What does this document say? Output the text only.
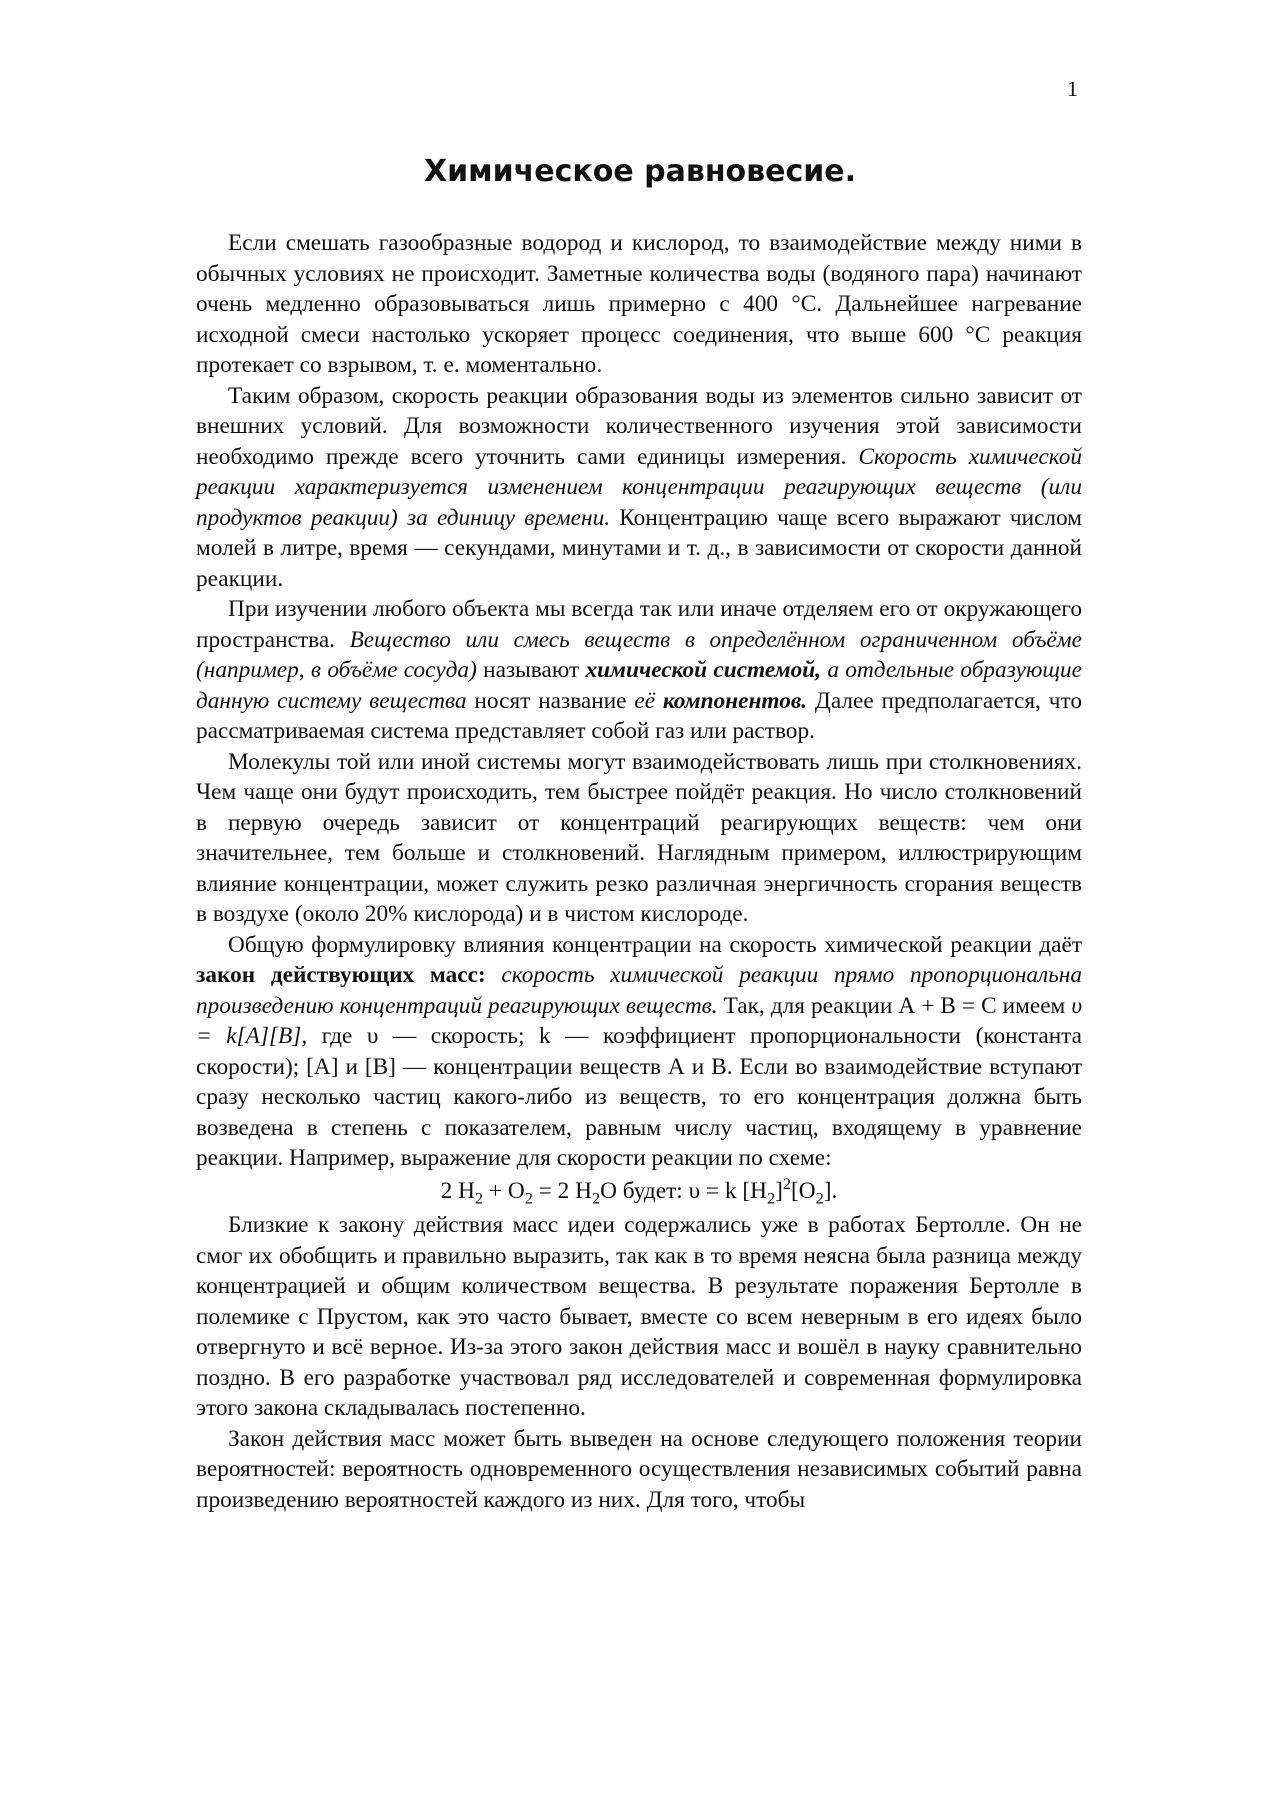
1
Химическое равновесие.

Если смешать газообразные водород и кислород, то взаимодействие между ними в обычных условиях не происходит. Заметные количества воды (водяного пара) начинают очень медленно образовываться лишь примерно с 400 °С. Дальнейшее нагревание исходной смеси настолько ускоряет процесс соединения, что выше 600 °С реакция протекает со взрывом, т. е. моментально.

Таким образом, скорость реакции образования воды из элементов сильно зависит от внешних условий. Для возможности количественного изучения этой зависимости необходимо прежде всего уточнить сами единицы измерения. Скорость химической реакции характеризуется изменением концентрации реагирующих веществ (или продуктов реакции) за единицу времени. Концентрацию чаще всего выражают числом молей в литре, время — секундами, минутами и т. д., в зависимости от скорости данной реакции.

При изучении любого объекта мы всегда так или иначе отделяем его от окружающего пространства. Вещество или смесь веществ в определённом ограниченном объёме (например, в объёме сосуда) называют химической системой, а отдельные образующие данную систему вещества носят название её компонентов. Далее предполагается, что рассматриваемая система представляет собой газ или раствор.

Молекулы той или иной системы могут взаимодействовать лишь при столкновениях. Чем чаще они будут происходить, тем быстрее пойдёт реакция. Но число столкновений в первую очередь зависит от концентраций реагирующих веществ: чем они значительнее, тем больше и столкновений. Наглядным примером, иллюстрирующим влияние концентрации, может служить резко различная энергичность сгорания веществ в воздухе (около 20% кислорода) и в чистом кислороде.

Общую формулировку влияния концентрации на скорость химической реакции даёт закон действующих масс: скорость химической реакции прямо пропорциональна произведению концентраций реагирующих веществ. Так, для реакции А + В = С имеем υ = k[A][B], где υ — скорость; k — коэффициент пропорциональности (константа скорости); [А] и [В] — концентрации веществ А и В. Если во взаимодействие вступают сразу несколько частиц какого-либо из веществ, то его концентрация должна быть возведена в степень с показателем, равным числу частиц, входящему в уравнение реакции. Например, выражение для скорости реакции по схеме:

2 $H_2 + O_2 = 2$ $H_2O$ будет: υ = k $[H_2]^2[O_2]$.

Близкие к закону действия масс идеи содержались уже в работах Бертолле. Он не смог их обобщить и правильно выразить, так как в то время неясна была разница между концентрацией и общим количеством вещества. В результате поражения Бертолле в полемике с Прустом, как это часто бывает, вместе со всем неверным в его идеях было отвергнуто и всё верное. Из-за этого закон действия масс и вошёл в науку сравнительно поздно. В его разработке участвовал ряд исследователей и современная формулировка этого закона складывалась постепенно.

Закон действия масс может быть выведен на основе следующего положения теории вероятностей: вероятность одновременного осуществления независимых событий равна произведению вероятностей каждого из них. Для того, чтобы
